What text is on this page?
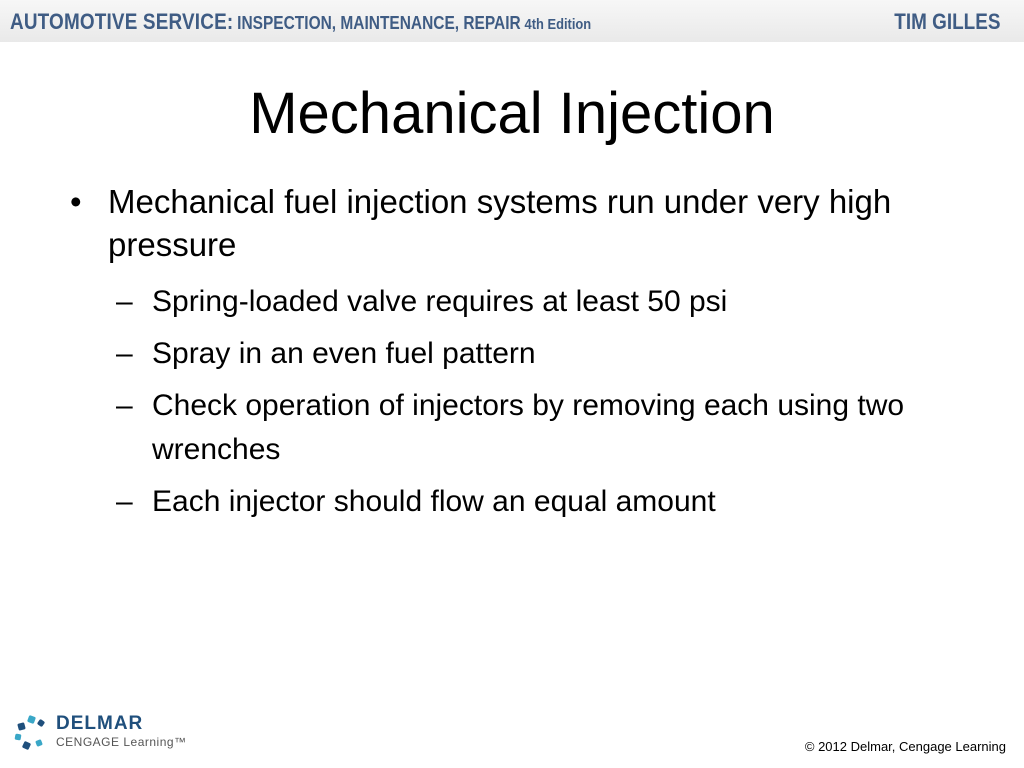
AUTOMOTIVE SERVICE: INSPECTION, MAINTENANCE, REPAIR 4th Edition	TIM GILLES
Mechanical Injection
• Mechanical fuel injection systems run under very high pressure
– Spring-loaded valve requires at least 50 psi
– Spray in an even fuel pattern
– Check operation of injectors by removing each using two wrenches
– Each injector should flow an equal amount
DELMAR
CENGAGE Learning™	© 2012 Delmar, Cengage Learning
